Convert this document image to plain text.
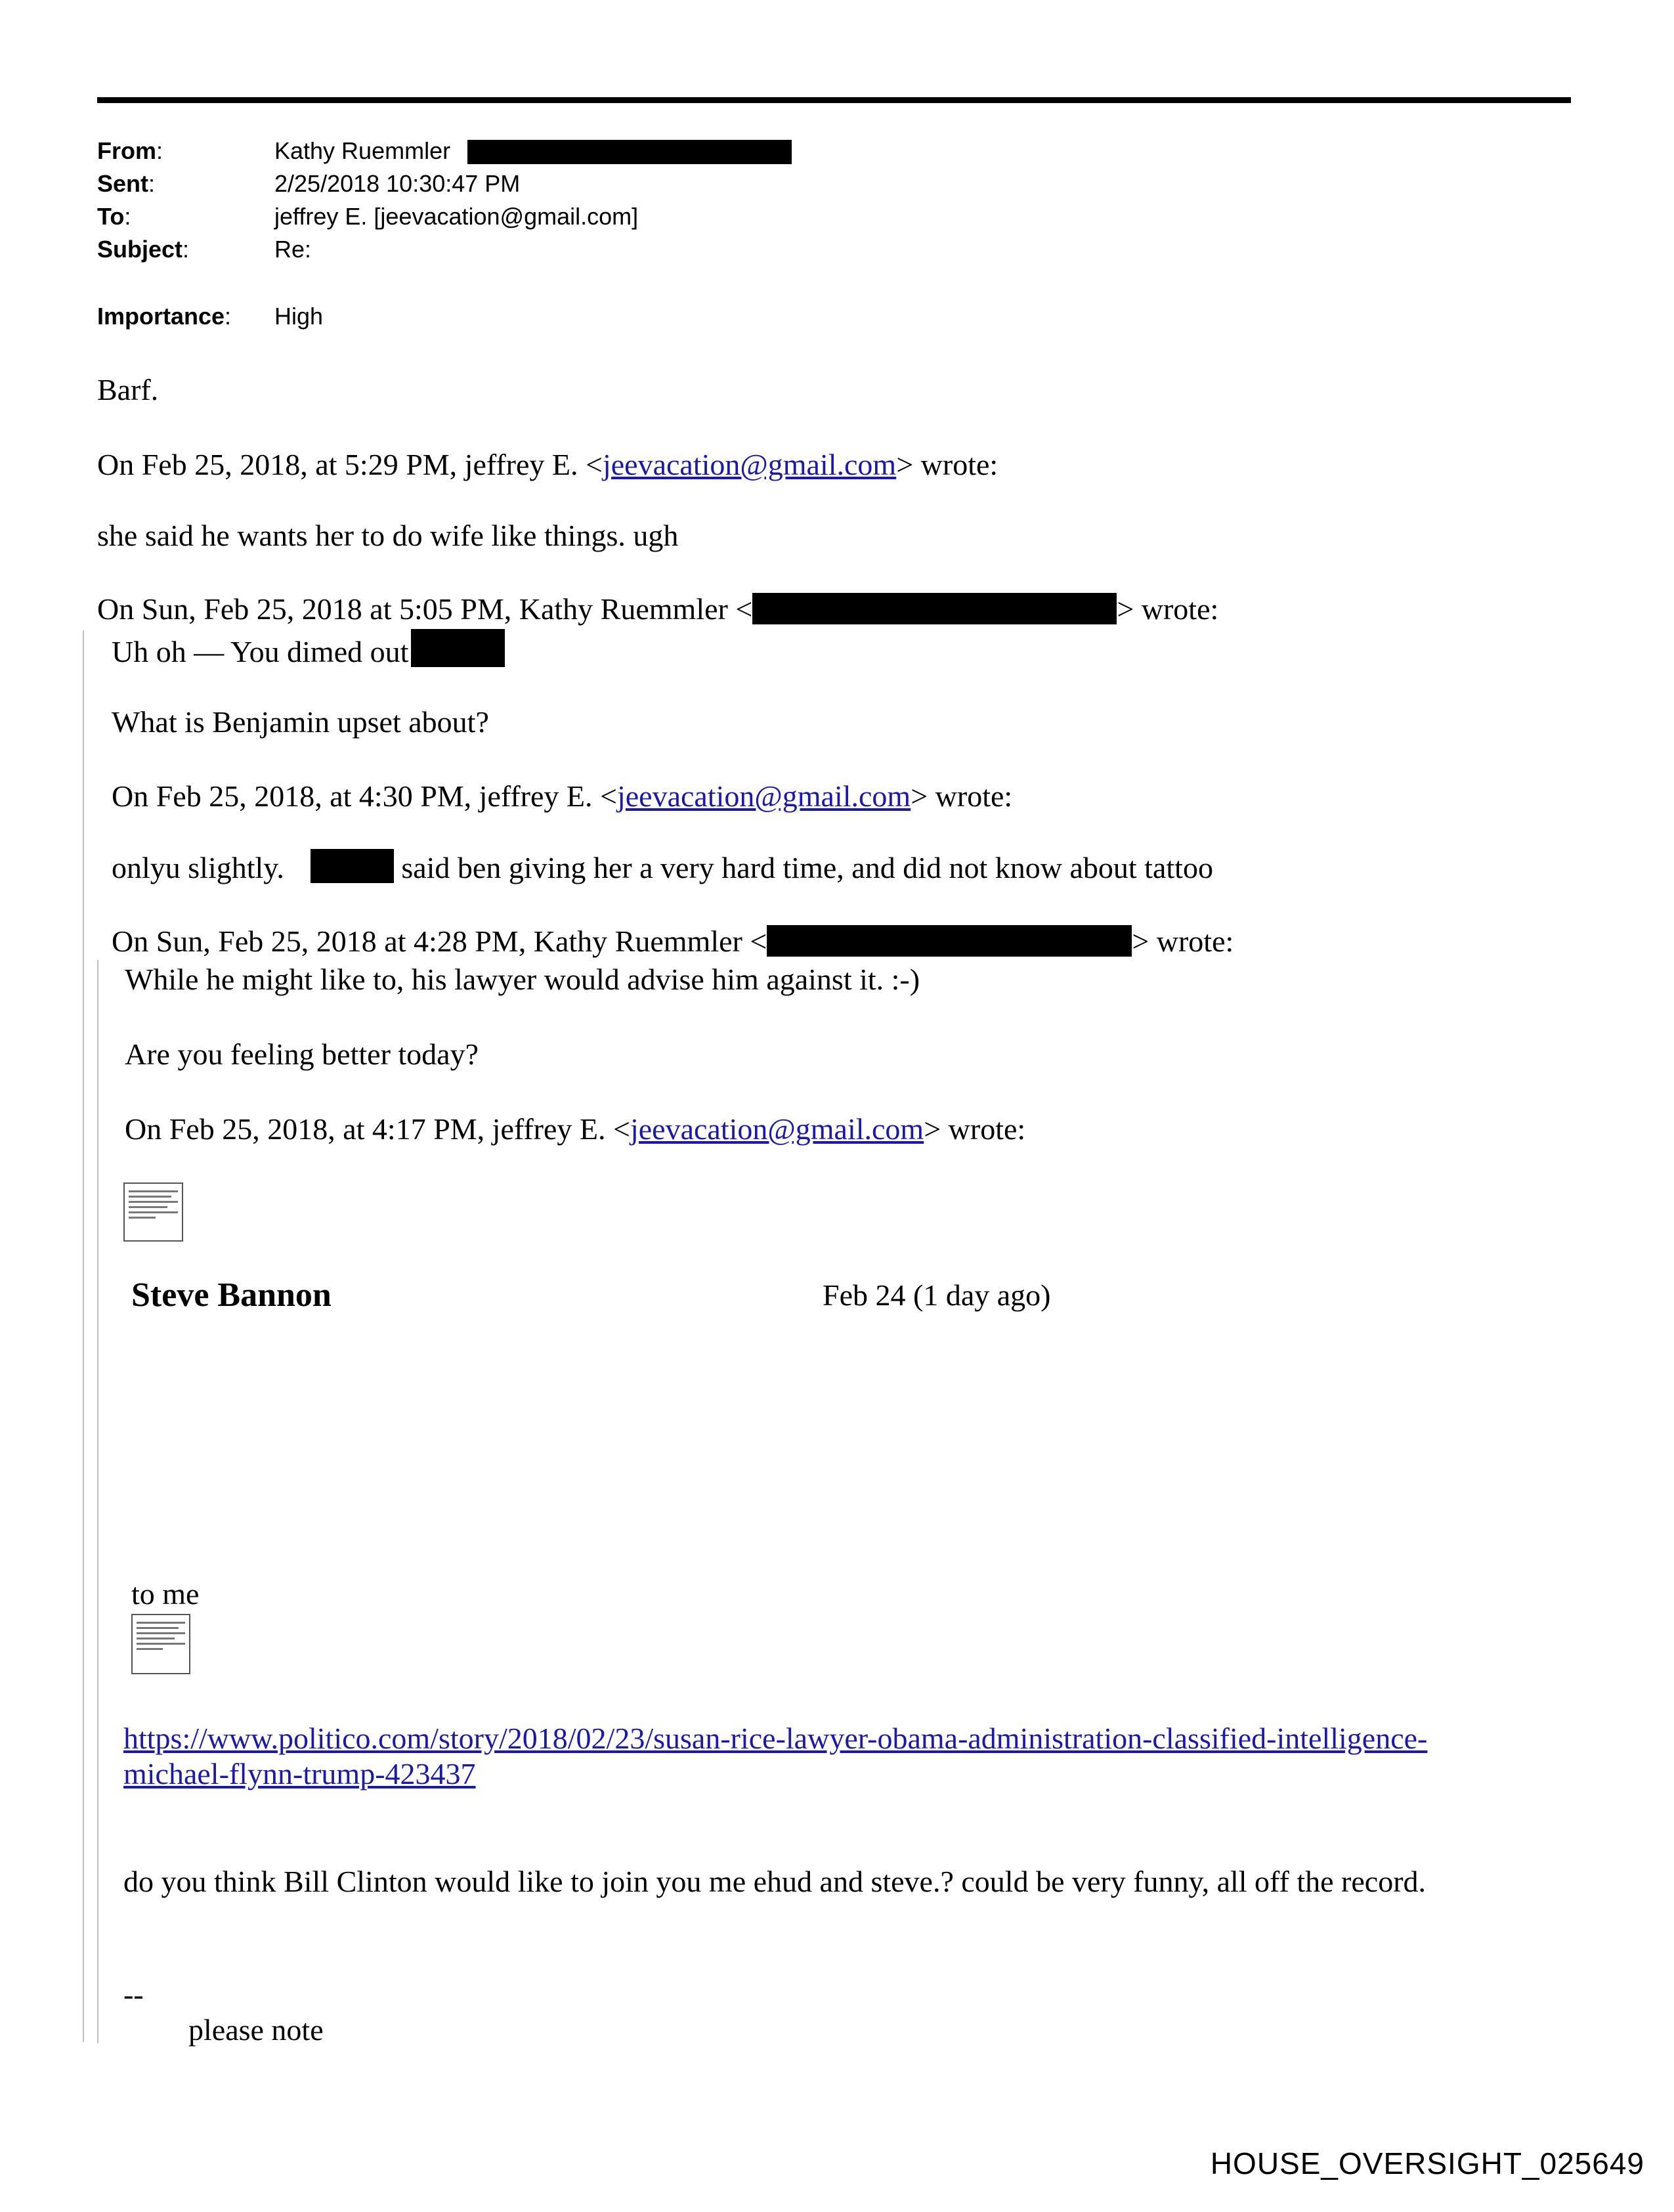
From:	Kathy Ruemmler
Sent:	2/25/2018 10:30:47 PM
To:	jeffrey E. [jeevacation@gmail.com]
Subject:	Re:
Importance: High
Barf.
On Feb 25, 2018, at 5:29 PM, jeffrey E. <jeevacation@gmail.com> wrote:
she said he wants her to do wife like things. ugh
On Sun, Feb 25, 2018 at 5:05 PM, Kathy Ruemmler <	> wrote:
Uh oh — You dimed out
What is Benjamin upset about?
On Feb 25, 2018, at 4:30 PM, jeffrey E. <jeevacation@gmail.com> wrote:
onlyu slightly.	said ben giving her a very hard time, and did not know about tattoo
On Sun, Feb 25, 2018 at 4:28 PM, Kathy Ruemmler <	> wrote:
While he might like to, his lawyer would advise him against it. :-)
Are you feeling better today?
On Feb 25, 2018, at 4:17 PM, jeffrey E. <jeevacation@gmail.com> wrote:
Steve Bannon	Feb 24 (1 day ago)
to me
https://www.politico.com/story/2018/02/23/susan-rice-lawyer-obama-administration-classified-intelligence-
michael-flynn-trump-423437
do you think Bill Clinton would like to join you me ehud and steve.? could be very funny, all off the record.
--
please note
HOUSE_OVERSIGHT_025649
